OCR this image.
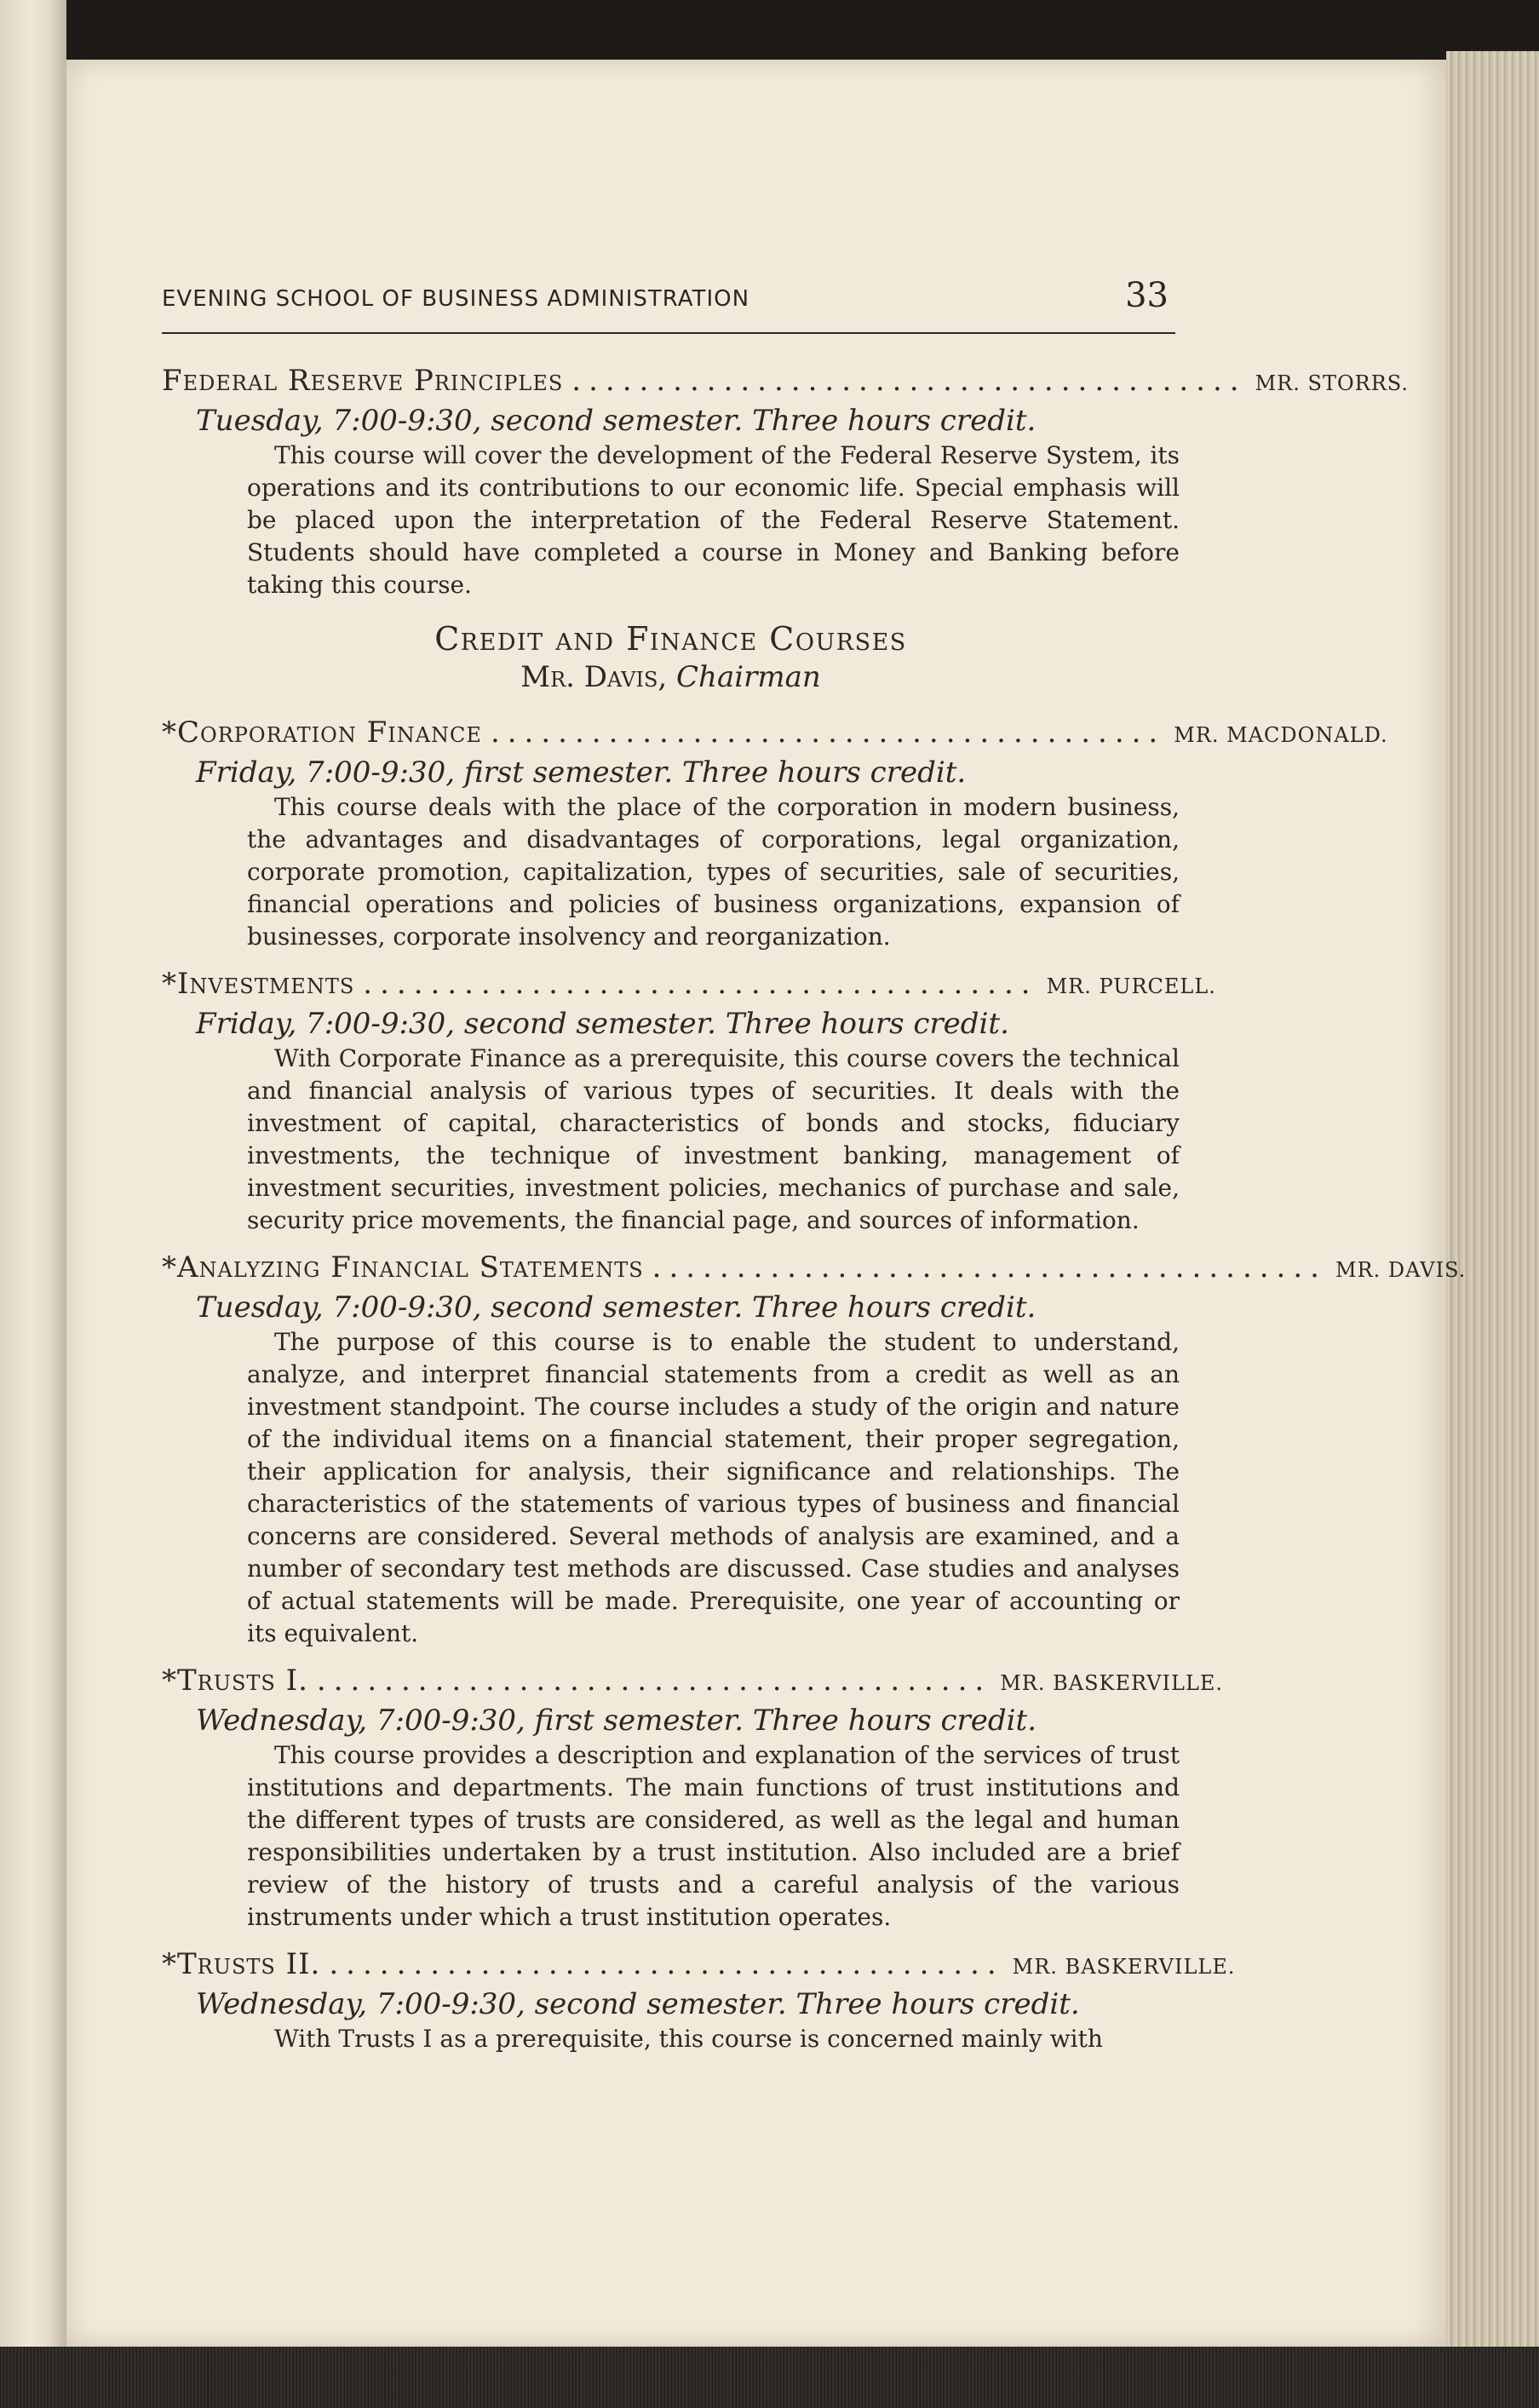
EVENING SCHOOL OF BUSINESS ADMINISTRATION	33
Federal Reserve Principles ........................................ MR. STORRS.
Tuesday, 7:00-9:30, second semester. Three hours credit.
This course will cover the development of the Federal Reserve System, its operations and its contributions to our economic life. Special emphasis will be placed upon the interpretation of the Federal Reserve Statement. Students should have completed a course in Money and Banking before taking this course.
Credit and Finance Courses
Mr. Davis, Chairman
*Corporation Finance ........................................ MR. MACDONALD.
Friday, 7:00-9:30, first semester. Three hours credit.
This course deals with the place of the corporation in modern business, the advantages and disadvantages of corporations, legal organization, corporate promotion, capitalization, types of securities, sale of securities, financial operations and policies of business organizations, expansion of businesses, corporate insolvency and reorganization.
*Investments ........................................ MR. PURCELL.
Friday, 7:00-9:30, second semester. Three hours credit.
With Corporate Finance as a prerequisite, this course covers the technical and financial analysis of various types of securities. It deals with the investment of capital, characteristics of bonds and stocks, fiduciary investments, the technique of investment banking, management of investment securities, investment policies, mechanics of purchase and sale, security price movements, the financial page, and sources of information.
*Analyzing Financial Statements ........................................ MR. DAVIS.
Tuesday, 7:00-9:30, second semester. Three hours credit.
The purpose of this course is to enable the student to understand, analyze, and interpret financial statements from a credit as well as an investment standpoint. The course includes a study of the origin and nature of the individual items on a financial statement, their proper segregation, their application for analysis, their significance and relationships. The characteristics of the statements of various types of business and financial concerns are considered. Several methods of analysis are examined, and a number of secondary test methods are discussed. Case studies and analyses of actual statements will be made. Prerequisite, one year of accounting or its equivalent.
*Trusts I. ........................................ MR. BASKERVILLE.
Wednesday, 7:00-9:30, first semester. Three hours credit.
This course provides a description and explanation of the services of trust institutions and departments. The main functions of trust institutions and the different types of trusts are considered, as well as the legal and human responsibilities undertaken by a trust institution. Also included are a brief review of the history of trusts and a careful analysis of the various instruments under which a trust institution operates.
*Trusts II. ........................................ MR. BASKERVILLE.
Wednesday, 7:00-9:30, second semester. Three hours credit.
With Trusts I as a prerequisite, this course is concerned mainly with
